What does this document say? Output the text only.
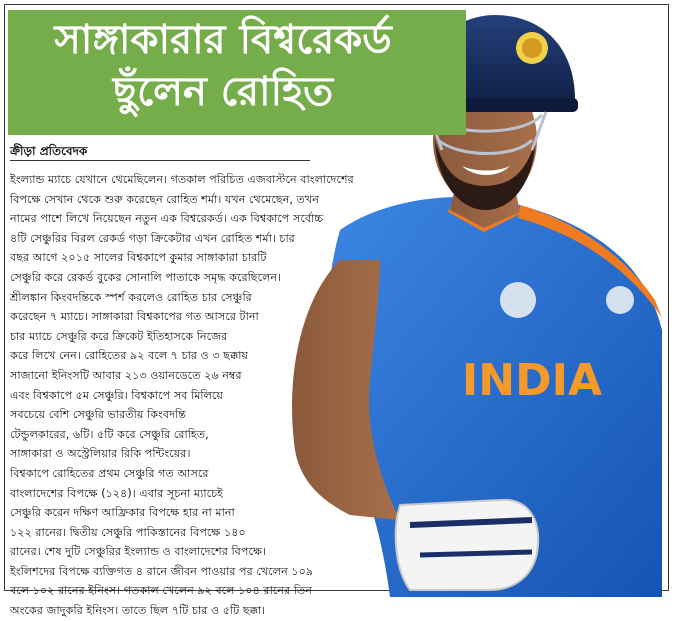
INDIA
সাঙ্গাকারার বিশ্বরেকর্ড
ছুঁলেন রোহিত

ক্রীড়া প্রতিবেদক

ইংল্যান্ড ম্যাচে যেখানে থেমেছিলেন। গতকাল পরিচিত এজবাস্টনে বাংলাদেশের
বিপক্ষে সেখান থেকে শুরু করেছেন রোহিত শর্মা। যখন থেমেছেন, তখন
নামের পাশে লিখে নিয়েছেন নতুন এক বিশ্বরেকর্ড। এক বিশ্বকাপে সর্বোচ্চ
৪টি সেঞ্চুরির বিরল রেকর্ড গড়া ক্রিকেটার এখন রোহিত শর্মা। চার
বছর আগে ২০১৫ সালের বিশ্বকাপে কুমার সাঙ্গাকারা চারটি
সেঞ্চুরি করে রেকর্ড বুকের সোনালি পাতাকে সমৃদ্ধ করেছিলেন।
শ্রীলঙ্কান কিংবদন্তিকে স্পর্শ করলেও রোহিত চার সেঞ্চুরি
করেছেন ৭ ম্যাচে। সাঙ্গাকারা বিশ্বকাপের গত আসরে টানা
চার ম্যাচে সেঞ্চুরি করে ক্রিকেট ইতিহাসকে নিজের
করে লিখে নেন। রোহিতের ৯২ বলে ৭ চার ও ৩ ছক্কায়
সাজানো ইনিংসটি আবার ২১৩ ওয়ানডেতে ২৬ নম্বর
এবং বিশ্বকাপে ৫ম সেঞ্চুরি। বিশ্বকাপে সব মিলিয়ে
সবচেয়ে বেশি সেঞ্চুরি ভারতীয় কিংবদন্তি
টেন্ডুলকারের, ৬টি। ৫টি করে সেঞ্চুরি রোহিত,
সাঙ্গাকারা ও অস্ট্রেলিয়ার রিকি পন্টিংয়ের।
বিশ্বকাপে রোহিতের প্রথম সেঞ্চুরি গত আসরে
বাংলাদেশের বিপক্ষে (১২৪)। এবার সূচনা ম্যাচেই
সেঞ্চুরি করেন দক্ষিণ আফ্রিকার বিপক্ষে হার না মানা
১২২ রানের। দ্বিতীয় সেঞ্চুরি পাকিস্তানের বিপক্ষে ১৪০
রানের। শেষ দুটি সেঞ্চুরির ইংল্যান্ড ও বাংলাদেশের বিপক্ষে।
ইংলিশদের বিপক্ষে ব্যক্তিগত ৪ রানে জীবন পাওয়ার পর খেলেন ১০৯
বলে ১০২ রানের ইনিংস। গতকাল খেলেন ৯২ বলে ১০৪ রানের তিন
অংকের জাদুকরি ইনিংস। তাতে ছিল ৭টি চার ও ৫টি ছক্কা।
